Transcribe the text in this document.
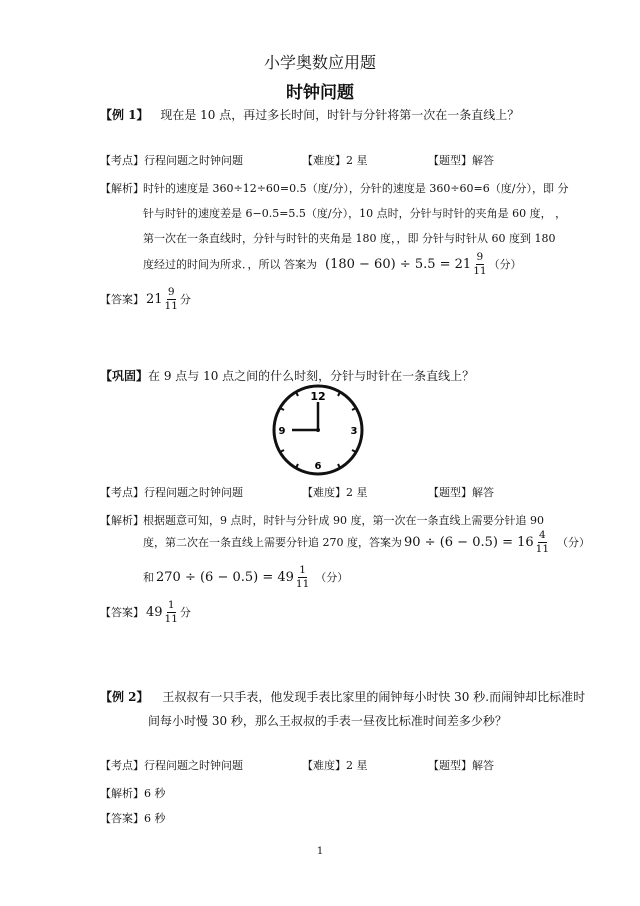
小学奥数应用题
时钟问题
【例 1】 现在是 10 点，再过多长时间，时针与分针将第一次在一条直线上？
【考点】行程问题之时钟问题	【难度】2 星	【题型】解答
【解析】 时针的速度是 360÷12÷60=0.5（度/分），分针的速度是 360÷60=6（度/分），即 分
针与时针的速度差是 6−0.5=5.5（度/分），10 点时，分针与时针的夹角是 60 度， ，
第一次在一条直线时，分针与时针的夹角是 180 度，，即 分针与时针从 60 度到 180
度经过的时间为所求．，所以 答案为 $(180 - 60) \div 5.5 = 21 \frac{9}{11}$ （分）
【答案】 $21 \frac{9}{11}$ 分
【巩固】在 9 点与 10 点之间的什么时刻，分针与时针在一条直线上？
12
3
6
9
【考点】行程问题之时钟问题	【难度】2 星	【题型】解答
【解析】 根据题意可知，9 点时，时针与分针成 90 度，第一次在一条直线上需要分针追 90
度，第二次在一条直线上需要分针追 270 度，答案为 $90 \div (6 - 0.5) = 16 \frac{4}{11}$ （分）
和 $270 \div (6 - 0.5) = 49 \frac{1}{11}$ （分）
【答案】 $49 \frac{1}{11}$ 分
【例 2】 王叔叔有一只手表，他发现手表比家里的闹钟每小时快 30 秒.而闹钟却比标准时
间每小时慢 30 秒，那么王叔叔的手表一昼夜比标准时间差多少秒？
【考点】行程问题之时钟问题	【难度】2 星	【题型】解答
【解析】6 秒
【答案】6 秒
1
